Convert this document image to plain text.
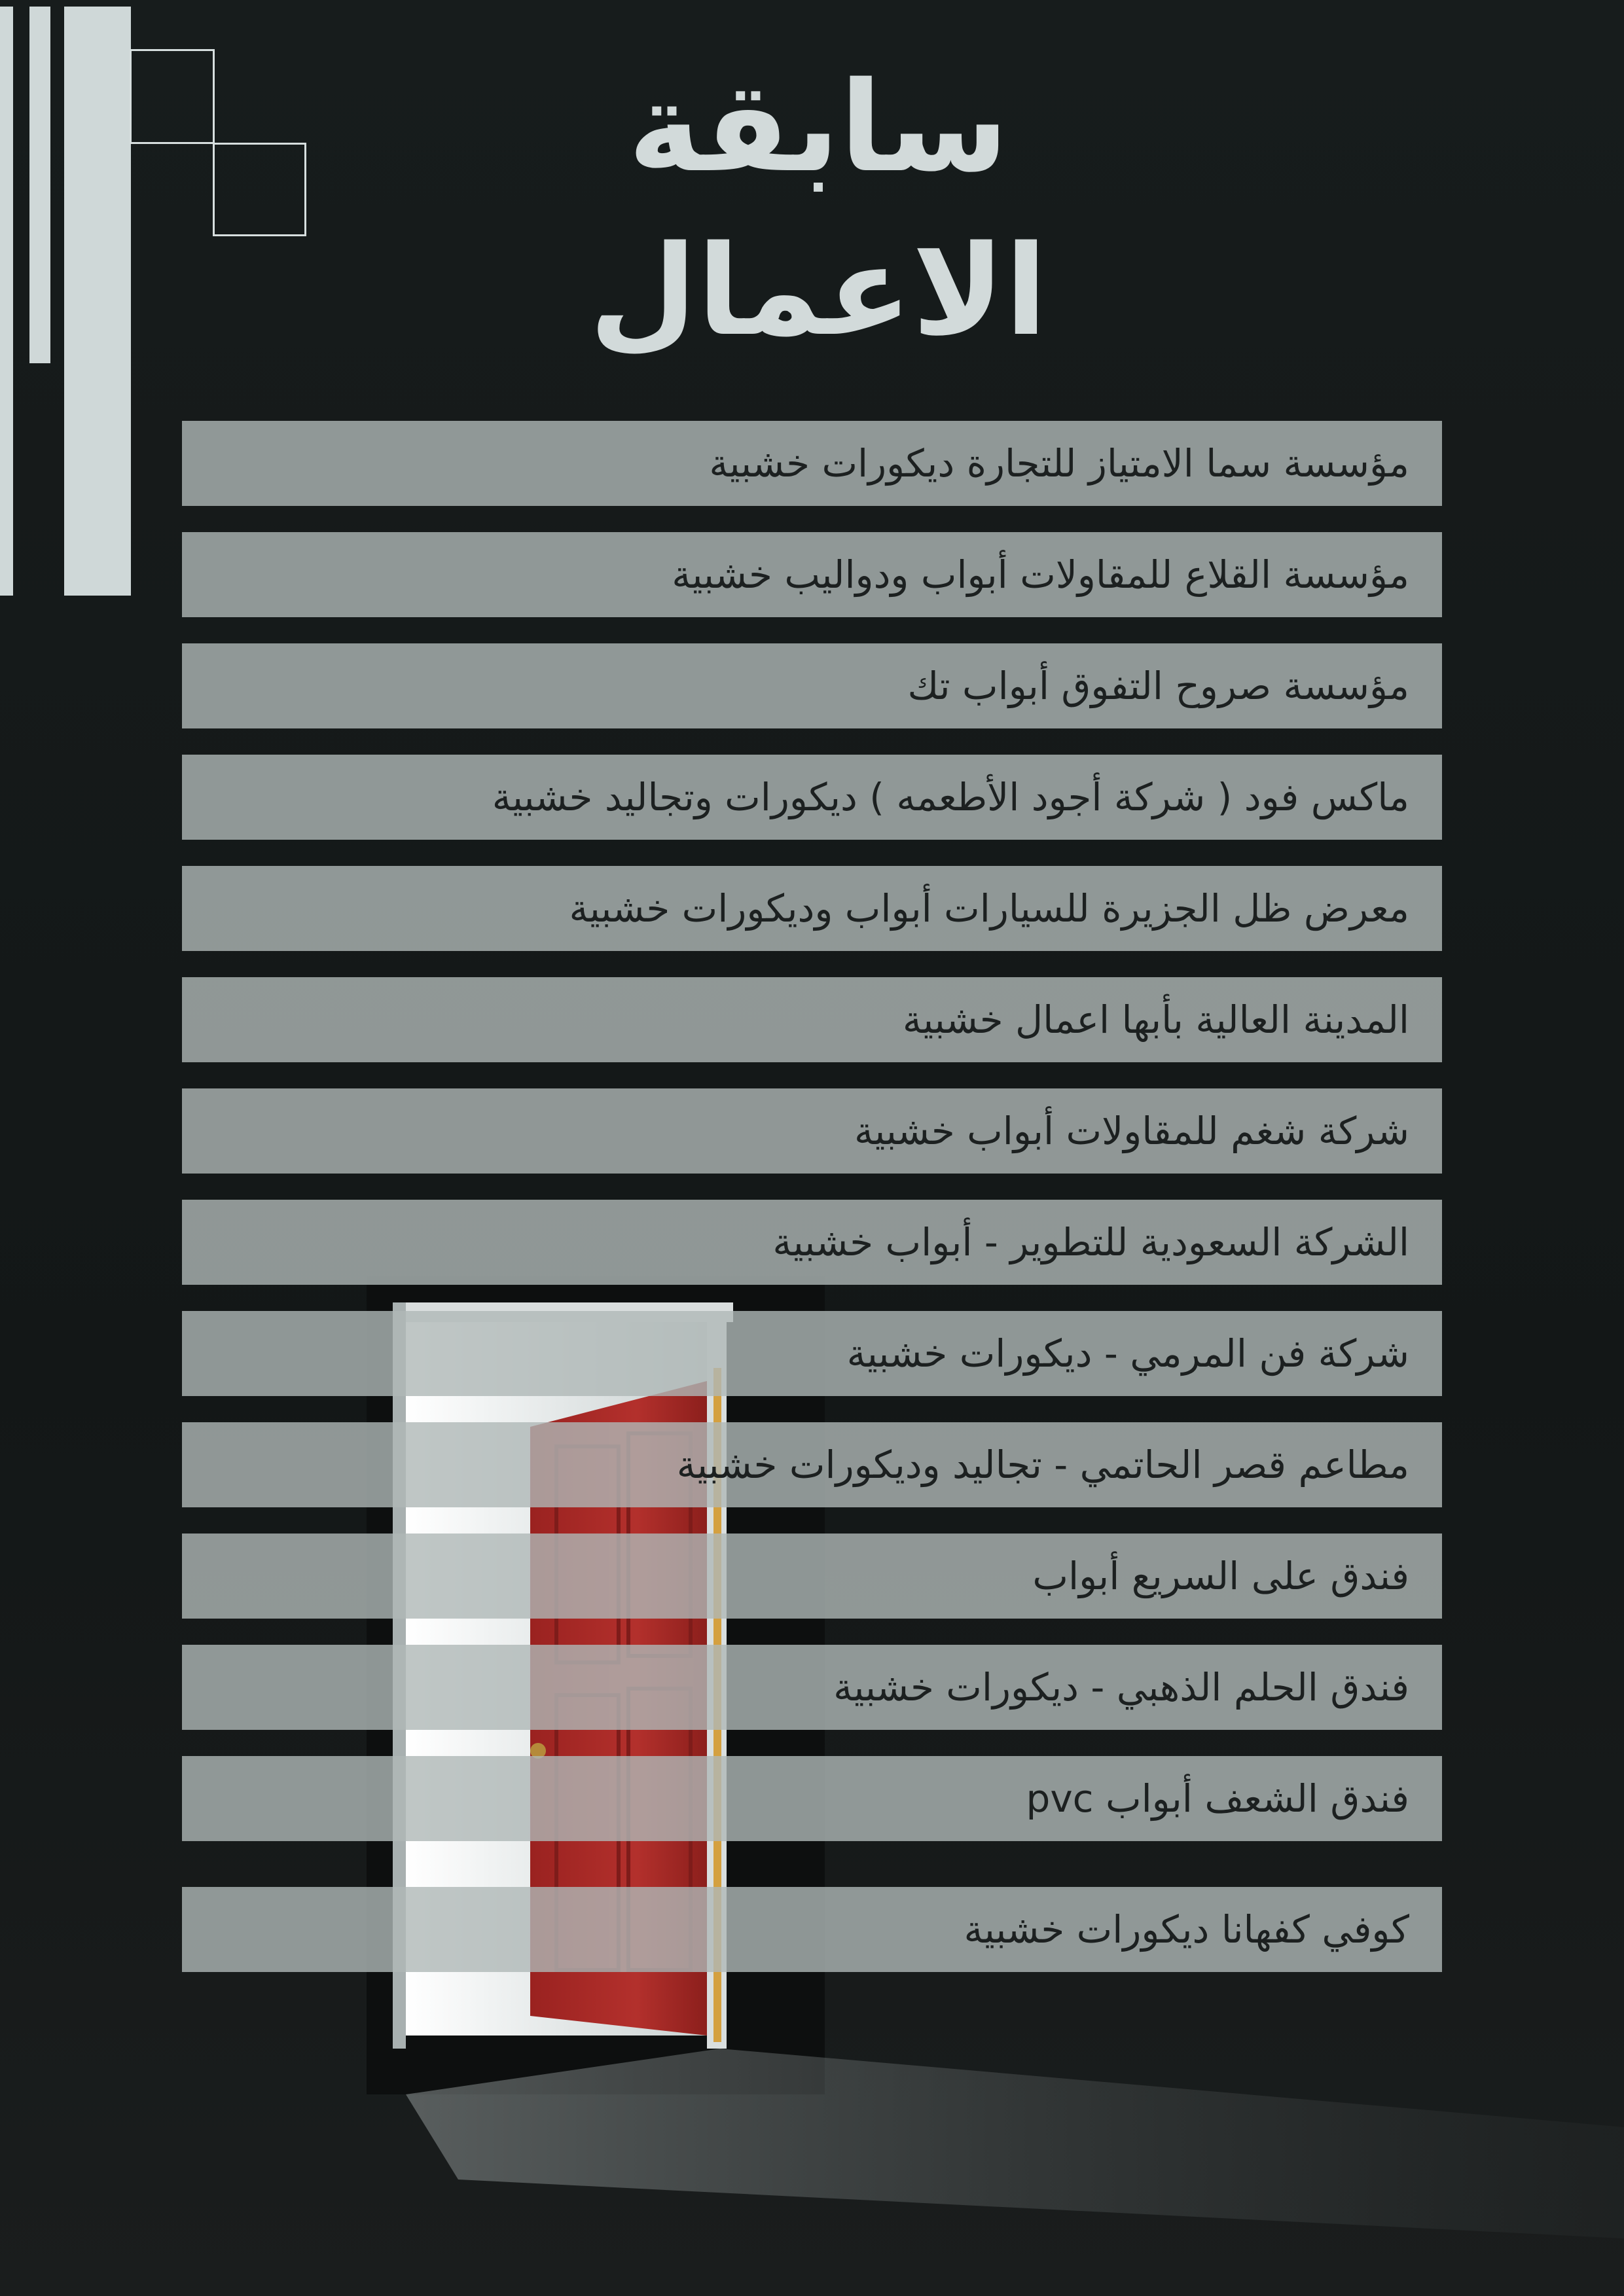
سابقة الاعمال
مؤسسة سما الامتياز للتجارة ديكورات خشبية
مؤسسة القلاع للمقاولات أبواب ودواليب خشبية
مؤسسة صروح التفوق أبواب تك
ماكس فود ( شركة أجود الأطعمه ) ديكورات وتجاليد خشبية
معرض ظل الجزيرة للسيارات أبواب وديكورات خشبية
المدينة العالية بأبها اعمال خشبية
شركة شغم للمقاولات أبواب خشبية
الشركة السعودية للتطوير - أبواب خشبية
شركة فن المرمي - ديكورات خشبية
مطاعم قصر الحاتمي - تجاليد وديكورات خشبية
فندق على السريع أبواب
فندق الحلم الذهبي - ديكورات خشبية
فندق الشعف أبواب pvc
كوفي كفهانا ديكورات خشبية
